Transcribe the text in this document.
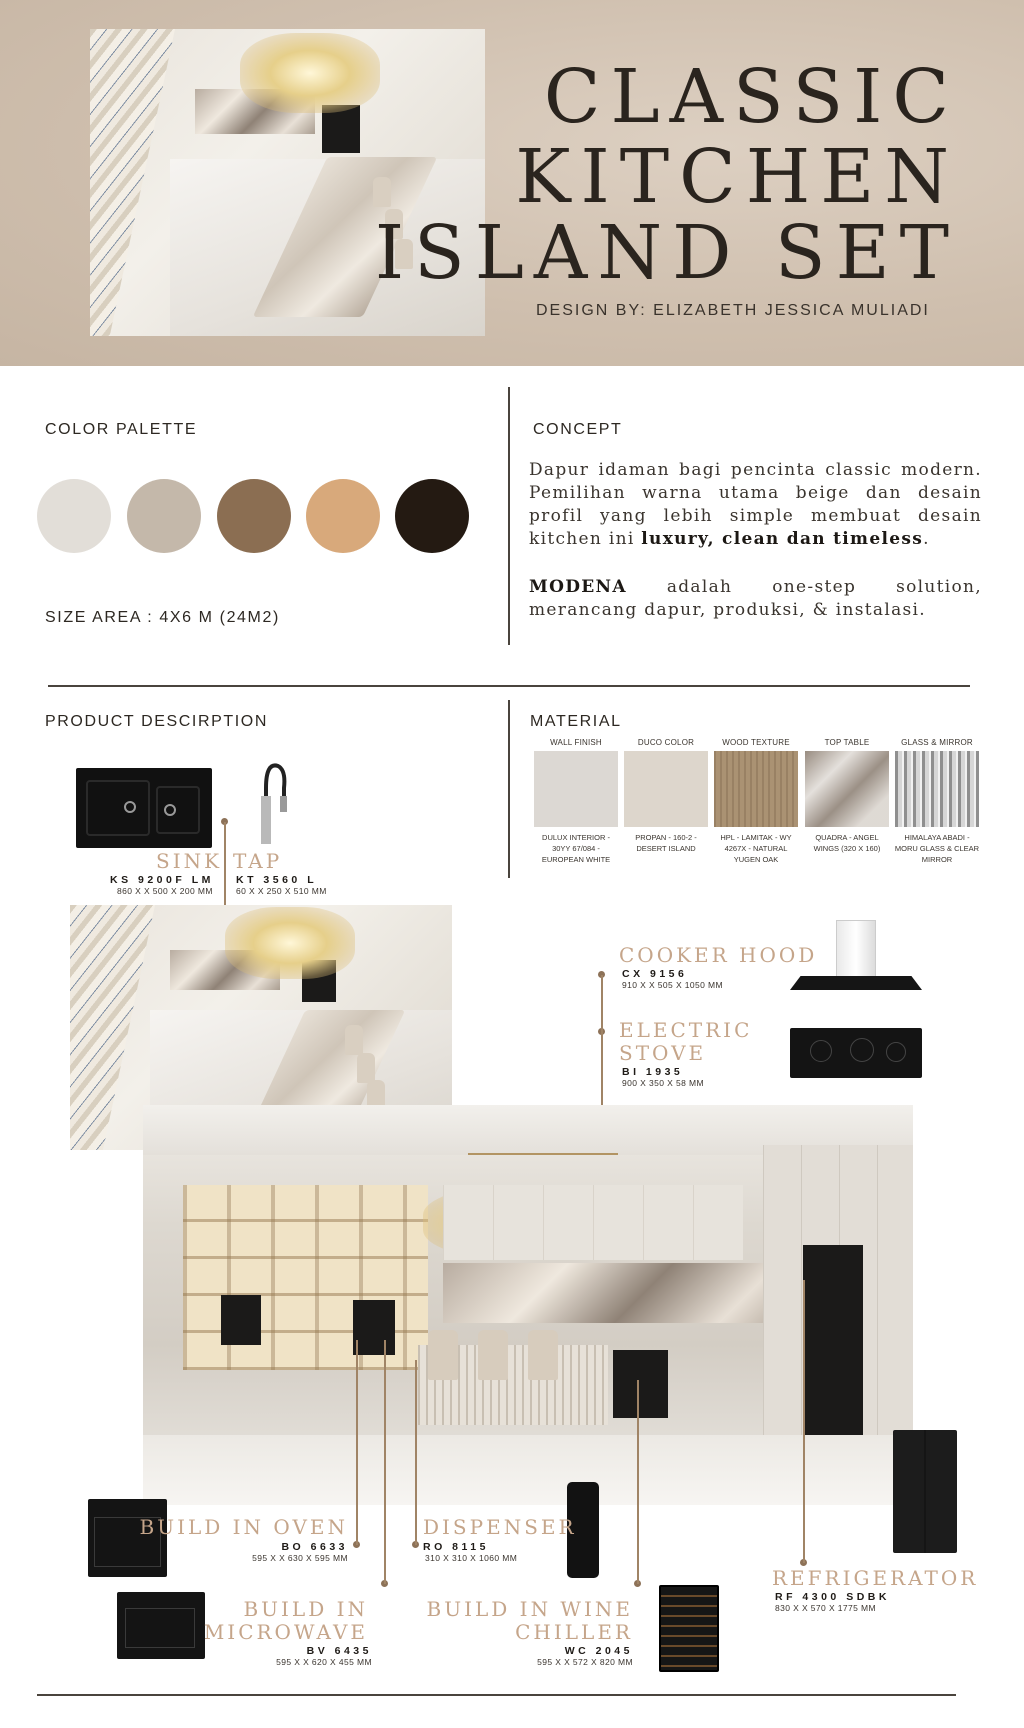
CLASSIC
KITCHEN
ISLAND SET
DESIGN BY: ELIZABETH JESSICA MULIADI
COLOR PALETTE
SIZE AREA : 4X6 M (24M2)
CONCEPT
Dapur idaman bagi pencinta classic modern. Pemilihan warna utama beige dan desain profil yang lebih simple membuat desain kitchen ini luxury, clean dan timeless.
MODENA adalah one-step solution, merancang dapur, produksi, & instalasi.
PRODUCT DESCIRPTION	MATERIAL
WALL FINISH
DULUX INTERIOR - 30YY 67/084 - EUROPEAN WHITE
DUCO COLOR
PROPAN - 160-2 - DESERT ISLAND
WOOD TEXTURE
HPL - LAMITAK - WY 4267X - NATURAL YUGEN OAK
TOP TABLE
QUADRA - ANGEL WINGS (320 X 160)
GLASS & MIRROR
HIMALAYA ABADI - MORU GLASS & CLEAR MIRROR
SINK
KS 9200F LM
860 X X 500 X 200 MM
TAP
KT 3560 L
60 X X 250 X 510 MM
COOKER HOOD
CX 9156
910 X X 505 X 1050 MM
ELECTRIC
STOVE
BI 1935
900 X 350 X 58 MM
BUILD IN OVEN
BO 6633
595 X X 630 X 595 MM
BUILD IN
MICROWAVE
BV 6435
595 X X 620 X 455 MM
DISPENSER
RO 8115
310 X 310 X 1060 MM
BUILD IN WINE
CHILLER
WC 2045
595 X X 572 X 820 MM
REFRIGERATOR
RF 4300 SDBK
830 X X 570 X 1775 MM
